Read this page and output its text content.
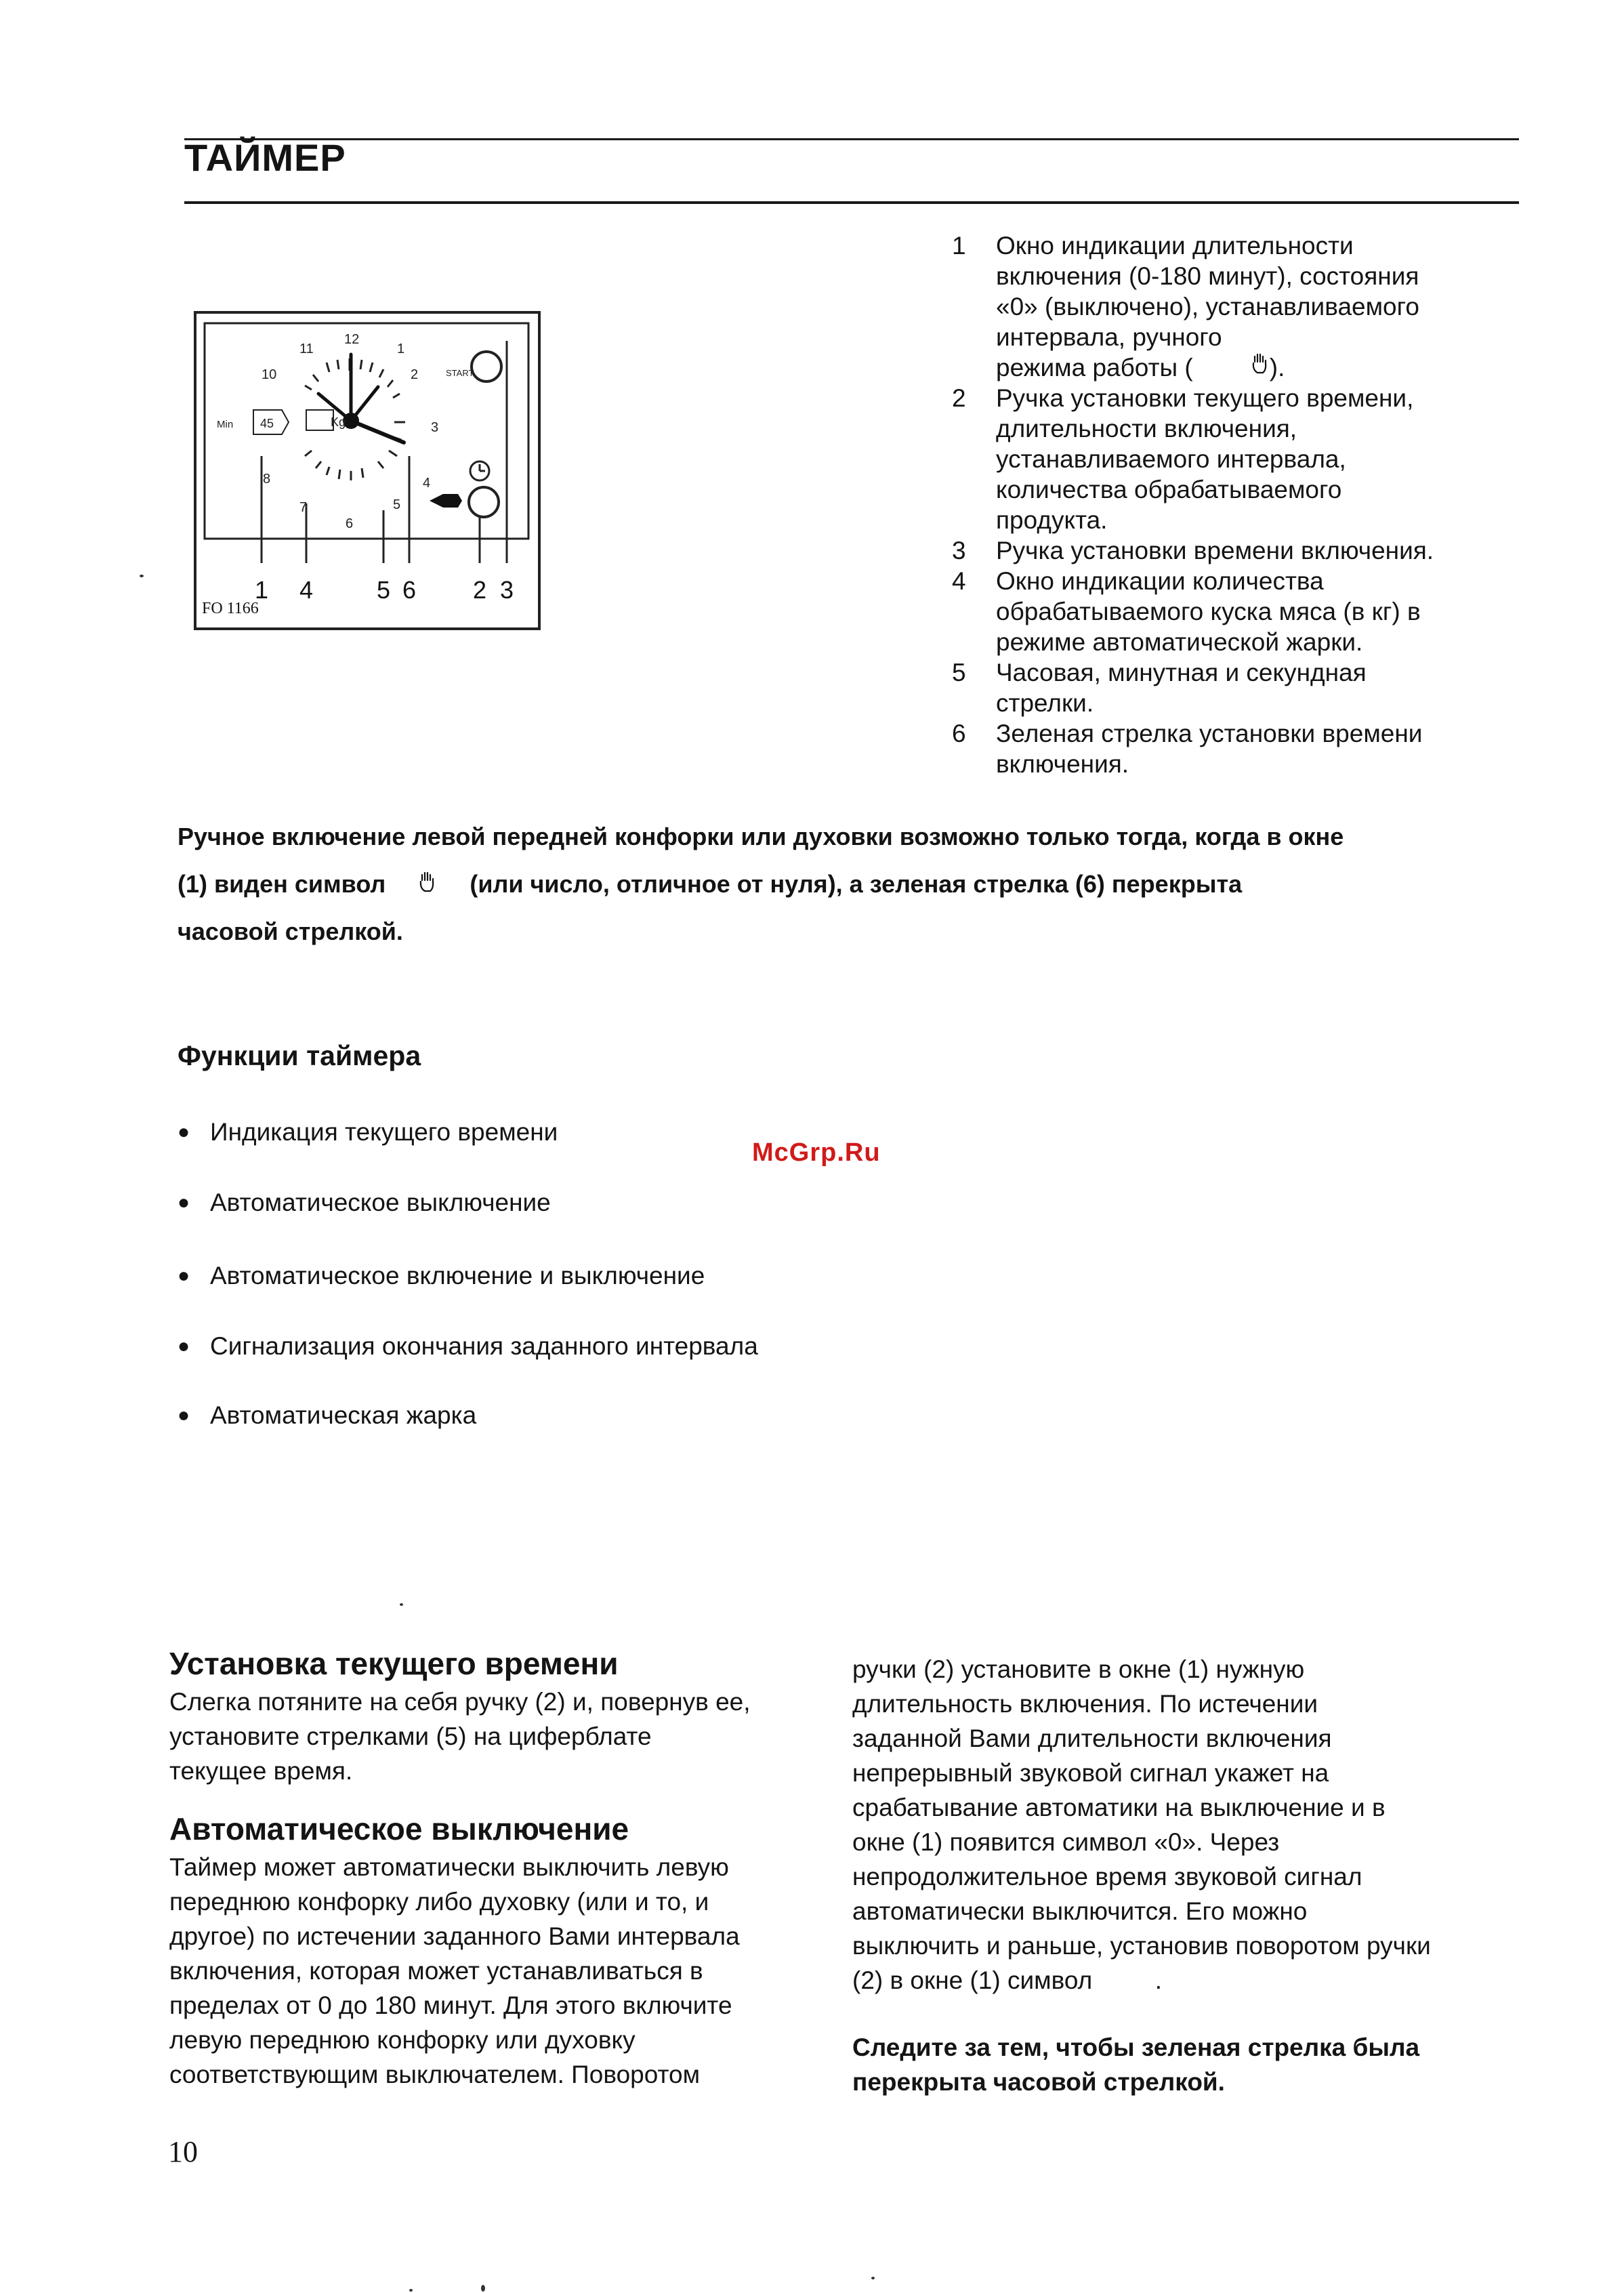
ТАЙМЕР
12
11	1
10	2
3
4
5
6
7
8
Kg
Min 45
START
1 4	5 6 2 3
FO 1166
1 Окно индикации длительности
включения (0-180 минут), состояния
«0» (выключено), устанавливаемого
интервала, ручного
режима работы (           ).
2 Ручка установки текущего времени,
длительности включения,
устанавливаемого интервала,
количества обрабатываемого
продукта.
3 Ручка установки времени включения.
4 Окно индикации количества
обрабатываемого куска мяса (в кг) в
режиме автоматической жарки.
5 Часовая, минутная и секундная
стрелки.
6 Зеленая стрелка установки времени
включения.
Ручное включение левой передней конфорки или духовки возможно только тогда, когда в окне
(1) виден символ	(или число, отличное от нуля), а зеленая стрелка (6) перекрыта
часовой стрелкой.
Функции таймера
● Индикация текущего времени
● Автоматическое выключение
● Автоматическое включение и выключение
● Сигнализация окончания заданного интервала
● Автоматическая жарка
McGrp.Ru
Установка текущего времени
Слегка потяните на себя ручку (2) и, повернув ее,
установите стрелками (5) на циферблате
текущее время.
Автоматическое выключение
Таймер может автоматически выключить левую
переднюю конфорку либо духовку (или и то, и
другое) по истечении заданного Вами интервала
включения, которая может устанавливаться в
пределах от 0 до 180 минут. Для этого включите
левую переднюю конфорку или духовку
соответствующим выключателем. Поворотом
ручки (2) установите в окне (1) нужную
длительность включения. По истечении
заданной Вами длительности включения
непрерывный звуковой сигнал укажет на
срабатывание автоматики на выключение и в
окне (1) появится символ «0». Через
непродолжительное время звуковой сигнал
автоматически выключится. Его можно
выключить и раньше, установив поворотом ручки
(2) в окне (1) символ         .
Следите за тем, чтобы зеленая стрелка была
перекрыта часовой стрелкой.
10
